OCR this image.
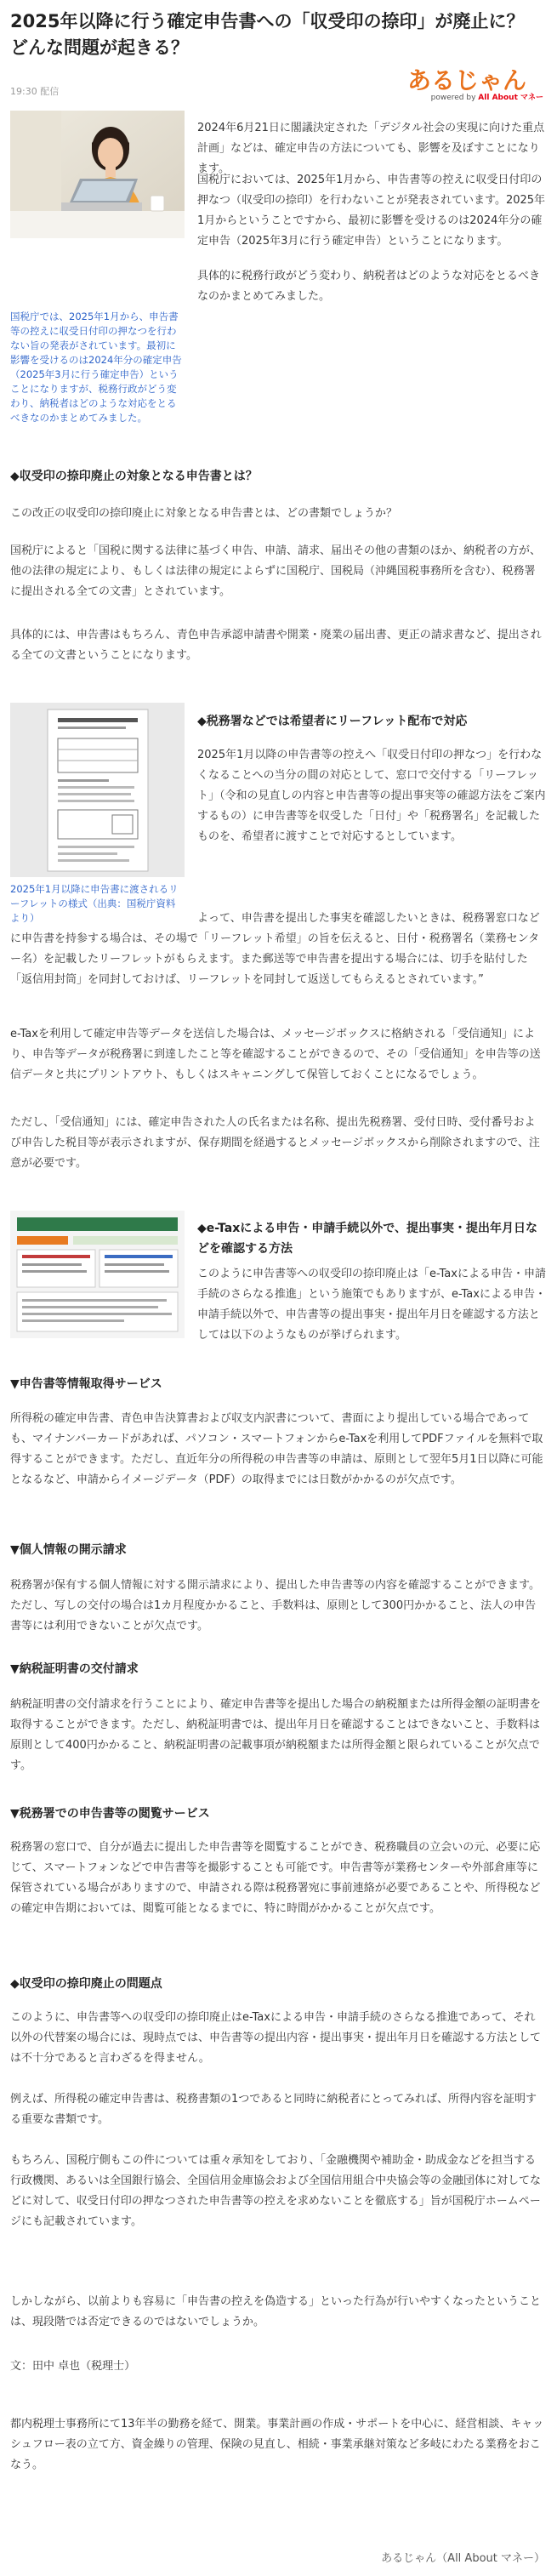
2025年以降に行う確定申告書への「収受印の捺印」が廃止に？どんな問題が起きる？
19:30 配信	あるじゃん
powered by All About マネー
国税庁では、2025年1月から、申告書等の控えに収受日付印の押なつを行わない旨の発表がされています。最初に影響を受けるのは2024年分の確定申告（2025年3月に行う確定申告）ということになりますが、税務行政がどう変わり、納税者はどのような対応をとるべきなのかまとめてみました。

2024年6月21日に閣議決定された「デジタル社会の実現に向けた重点計画」などは、確定申告の方法についても、影響を及ぼすことになります。

国税庁においては、2025年1月から、申告書等の控えに収受日付印の押なつ（収受印の捺印）を行わないことが発表されています。2025年1月からということですから、最初に影響を受けるのは2024年分の確定申告（2025年3月に行う確定申告）ということになります。

具体的に税務行政がどう変わり、納税者はどのような対応をとるべきなのかまとめてみました。

◆収受印の捺印廃止の対象となる申告書とは？

この改正の収受印の捺印廃止に対象となる申告書とは、どの書類でしょうか？

国税庁によると「国税に関する法律に基づく申告、申請、請求、届出その他の書類のほか、納税者の方が、他の法律の規定により、もしくは法律の規定によらずに国税庁、国税局（沖縄国税事務所を含む）、税務署に提出される全ての文書」とされています。

具体的には、申告書はもちろん、青色申告承認申請書や開業・廃業の届出書、更正の請求書など、提出される全ての文書ということになります。

2025年1月以降に申告書に渡されるリーフレットの様式（出典：国税庁資料より）
◆税務署などでは希望者にリーフレット配布で対応

2025年1月以降の申告書等の控えへ「収受日付印の押なつ」を行わなくなることへの当分の間の対応として、窓口で交付する「リーフレット」（令和の見直しの内容と申告書等の提出事実等の確認方法をご案内するもの）に申告書等を収受した「日付」や「税務署名」を記載したものを、希望者に渡すことで対応するとしています。

よって、申告書を提出した事実を確認したいときは、税務署窓口などに申告書を持参する場合は、その場で「リーフレット希望」の旨を伝えると、日付・税務署名（業務センター名）を記載したリーフレットがもらえます。また郵送等で申告書を提出する場合には、切手を貼付した「返信用封筒」を同封しておけば、リーフレットを同封して返送してもらえるとされています。”

e-Taxを利用して確定申告等データを送信した場合は、メッセージボックスに格納される「受信通知」により、申告等データが税務署に到達したこと等を確認することができるので、その「受信通知」を申告等の送信データと共にプリントアウト、もしくはスキャニングして保管しておくことになるでしょう。

ただし、「受信通知」には、確定申告された人の氏名または名称、提出先税務署、受付日時、受付番号および申告した税目等が表示されますが、保存期間を経過するとメッセージボックスから削除されますので、注意が必要です。

◆e-Taxによる申告・申請手続以外で、提出事実・提出年月日などを確認する方法

このように申告書等への収受印の捺印廃止は「e-Taxによる申告・申請手続のさらなる推進」という施策でもありますが、e-Taxによる申告・申請手続以外で、申告書等の提出事実・提出年月日を確認する方法としては以下のようなものが挙げられます。

▼申告書等情報取得サービス

所得税の確定申告書、青色申告決算書および収支内訳書について、書面により提出している場合であっても、マイナンバーカードがあれば、パソコン・スマートフォンからe-Taxを利用してPDFファイルを無料で取得することができます。ただし、直近年分の所得税の申告書等の申請は、原則として翌年5月1日以降に可能となるなど、申請からイメージデータ（PDF）の取得までには日数がかかるのが欠点です。

▼個人情報の開示請求

税務署が保有する個人情報に対する開示請求により、提出した申告書等の内容を確認することができます。ただし、写しの交付の場合は1カ月程度かかること、手数料は、原則として300円かかること、法人の申告書等には利用できないことが欠点です。

▼納税証明書の交付請求

納税証明書の交付請求を行うことにより、確定申告書等を提出した場合の納税額または所得金額の証明書を取得することができます。ただし、納税証明書では、提出年月日を確認することはできないこと、手数料は原則として400円かかること、納税証明書の記載事項が納税額または所得金額と限られていることが欠点です。

▼税務署での申告書等の閲覧サービス

税務署の窓口で、自分が過去に提出した申告書等を閲覧することができ、税務職員の立会いの元、必要に応じて、スマートフォンなどで申告書等を撮影することも可能です。申告書等が業務センターや外部倉庫等に保管されている場合がありますので、申請される際は税務署宛に事前連絡が必要であることや、所得税などの確定申告期においては、閲覧可能となるまでに、特に時間がかかることが欠点です。

◆収受印の捺印廃止の問題点

このように、申告書等への収受印の捺印廃止はe-Taxによる申告・申請手続のさらなる推進であって、それ以外の代替案の場合には、現時点では、申告書等の提出内容・提出事実・提出年月日を確認する方法としては不十分であると言わざるを得ません。

例えば、所得税の確定申告書は、税務書類の1つであると同時に納税者にとってみれば、所得内容を証明する重要な書類です。

もちろん、国税庁側もこの件については重々承知をしており、「金融機関や補助金・助成金などを担当する行政機関、あるいは全国銀行協会、全国信用金庫協会および全国信用組合中央協会等の金融団体に対してなどに対して、収受日付印の押なつされた申告書等の控えを求めないことを徹底する」旨が国税庁ホームページにも記載されています。

しかしながら、以前よりも容易に「申告書の控えを偽造する」といった行為が行いやすくなったということは、現段階では否定できるのではないでしょうか。

文：田中 卓也（税理士）

都内税理士事務所にて13年半の勤務を経て、開業。事業計画の作成・サポートを中心に、経営相談、キャッシュフロー表の立て方、資金繰りの管理、保険の見直し、相続・事業承継対策など多岐にわたる業務をおこなう。

あるじゃん（All About マネー）
